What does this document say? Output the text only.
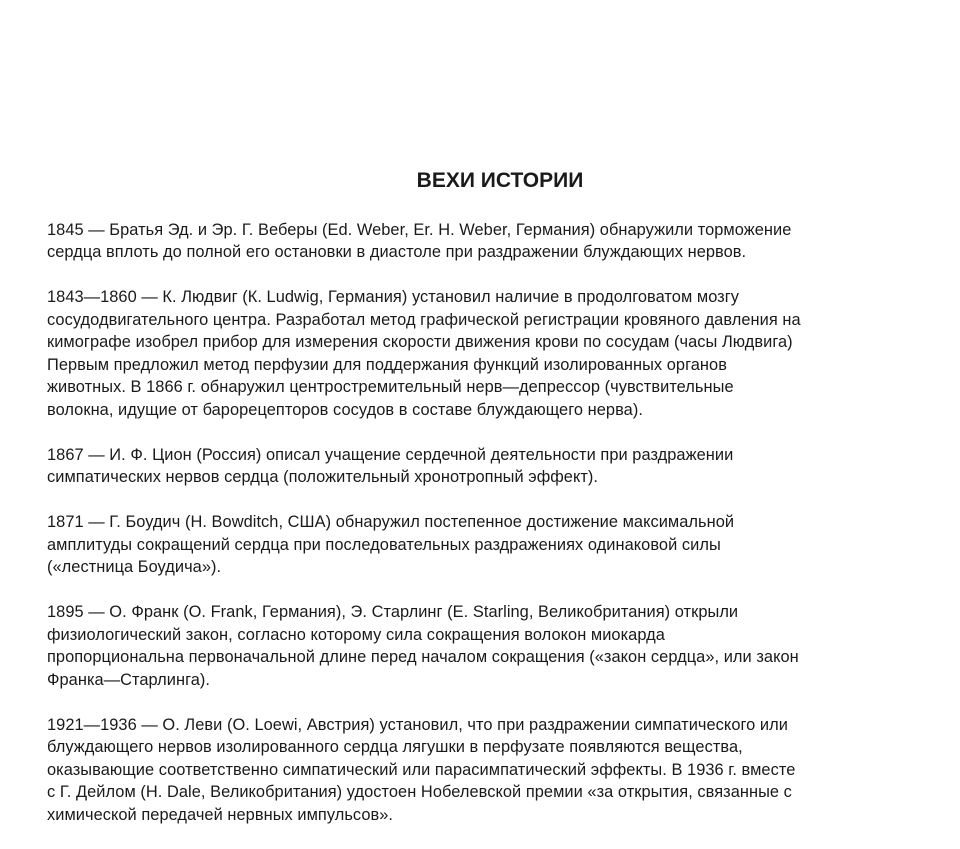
ВЕХИ ИСТОРИИ

1845 — Братья Эд. и Эр. Г. Веберы (Ed. Weber, Er. H. Weber, Германия) обнаружили торможение
сердца вплоть до полной его остановки в диастоле при раздражении блуждающих нервов.

1843—1860 — К. Людвиг (К. Ludwig, Германия) установил наличие в продолговатом мозгу
сосудодвигательного центра. Разработал метод графической регистрации кровяного давления на
кимографе изобрел прибор для измерения скорости движения крови по сосудам (часы Людвига)
Первым предложил метод перфузии для поддержания функций изолированных органов
животных. В 1866 г. обнаружил центростремительный нерв—депрессор (чувствительные
волокна, идущие от барорецепторов сосудов в составе блуждающего нерва).

1867 — И. Ф. Цион (Россия) описал учащение сердечной деятельности при раздражении
симпатических нервов сердца (положительный хронотропный эффект).

1871 — Г. Боудич (Н. Bowditch, США) обнаружил постепенное достижение максимальной
амплитуды сокращений сердца при последовательных раздражениях одинаковой силы
(«лестница Боудича»).

1895 — О. Франк (О. Frank, Германия), Э. Старлинг (Е. Starling, Великобритания) открыли
физиологический закон, согласно которому сила сокращения волокон миокарда
пропорциональна первоначальной длине перед началом сокращения («закон сердца», или закон
Франка—Старлинга).

1921—1936 — О. Леви (О. Loewi, Австрия) установил, что при раздражении симпатического или
блуждающего нервов изолированного сердца лягушки в перфузате появляются вещества,
оказывающие соответственно симпатический или парасимпатический эффекты. В 1936 г. вместе
с Г. Дейлом (Н. Dale, Великобритания) удостоен Нобелевской премии «за открытия, связанные с
химической передачей нервных импульсов».
